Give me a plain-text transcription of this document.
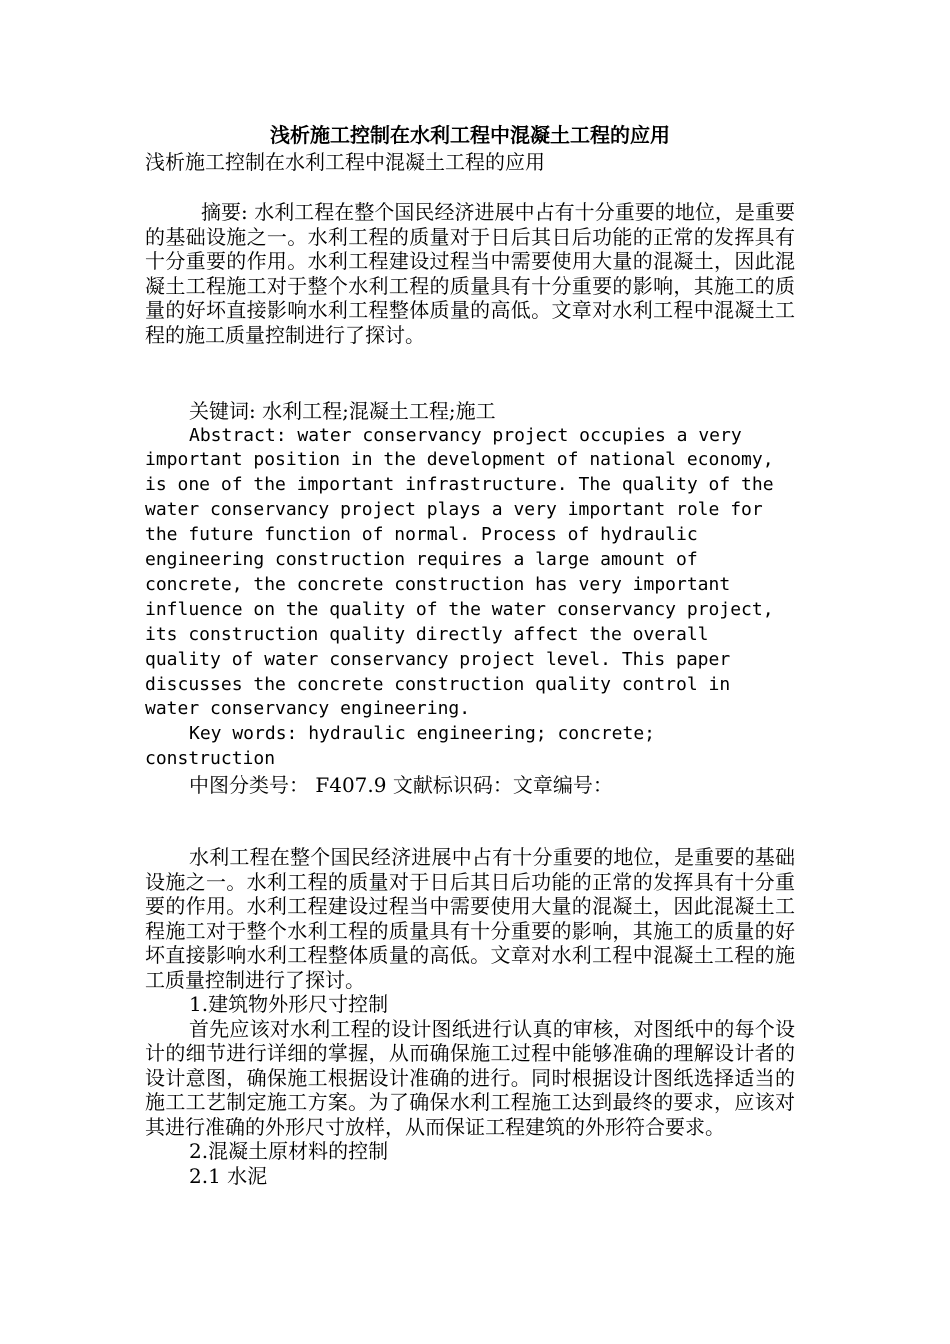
浅析施工控制在水利工程中混凝土工程的应用

浅析施工控制在水利工程中混凝土工程的应用

摘要: 水利工程在整个国民经济进展中占有十分重要的地位，是重要的基础设施之一。水利工程的质量对于日后其日后功能的正常的发挥具有十分重要的作用。水利工程建设过程当中需要使用大量的混凝土，因此混凝土工程施工对于整个水利工程的质量具有十分重要的影响，其施工的质量的好坏直接影响水利工程整体质量的高低。文章对水利工程中混凝土工程的施工质量控制进行了探讨。

关键词: 水利工程;混凝土工程;施工

Abstract: water conservancy project occupies a very important position in the development of national economy, is one of the important infrastructure. The quality of the water conservancy project plays a very important role for the future function of normal. Process of hydraulic engineering construction requires a large amount of concrete, the concrete construction has very important influence on the quality of the water conservancy project, its construction quality directly affect the overall quality of water conservancy project level. This paper discusses the concrete construction quality control in water conservancy engineering.

Key words: hydraulic engineering; concrete; construction

中图分类号： F407.9 文献标识码：文章编号：

水利工程在整个国民经济进展中占有十分重要的地位，是重要的基础设施之一。水利工程的质量对于日后其日后功能的正常的发挥具有十分重要的作用。水利工程建设过程当中需要使用大量的混凝土，因此混凝土工程施工对于整个水利工程的质量具有十分重要的影响，其施工的质量的好坏直接影响水利工程整体质量的高低。文章对水利工程中混凝土工程的施工质量控制进行了探讨。

1.建筑物外形尺寸控制

首先应该对水利工程的设计图纸进行认真的审核，对图纸中的每个设计的细节进行详细的掌握，从而确保施工过程中能够准确的理解设计者的设计意图，确保施工根据设计准确的进行。同时根据设计图纸选择适当的施工工艺制定施工方案。为了确保水利工程施工达到最终的要求，应该对其进行准确的外形尺寸放样，从而保证工程建筑的外形符合要求。

2.混凝土原材料的控制

2.1 水泥
